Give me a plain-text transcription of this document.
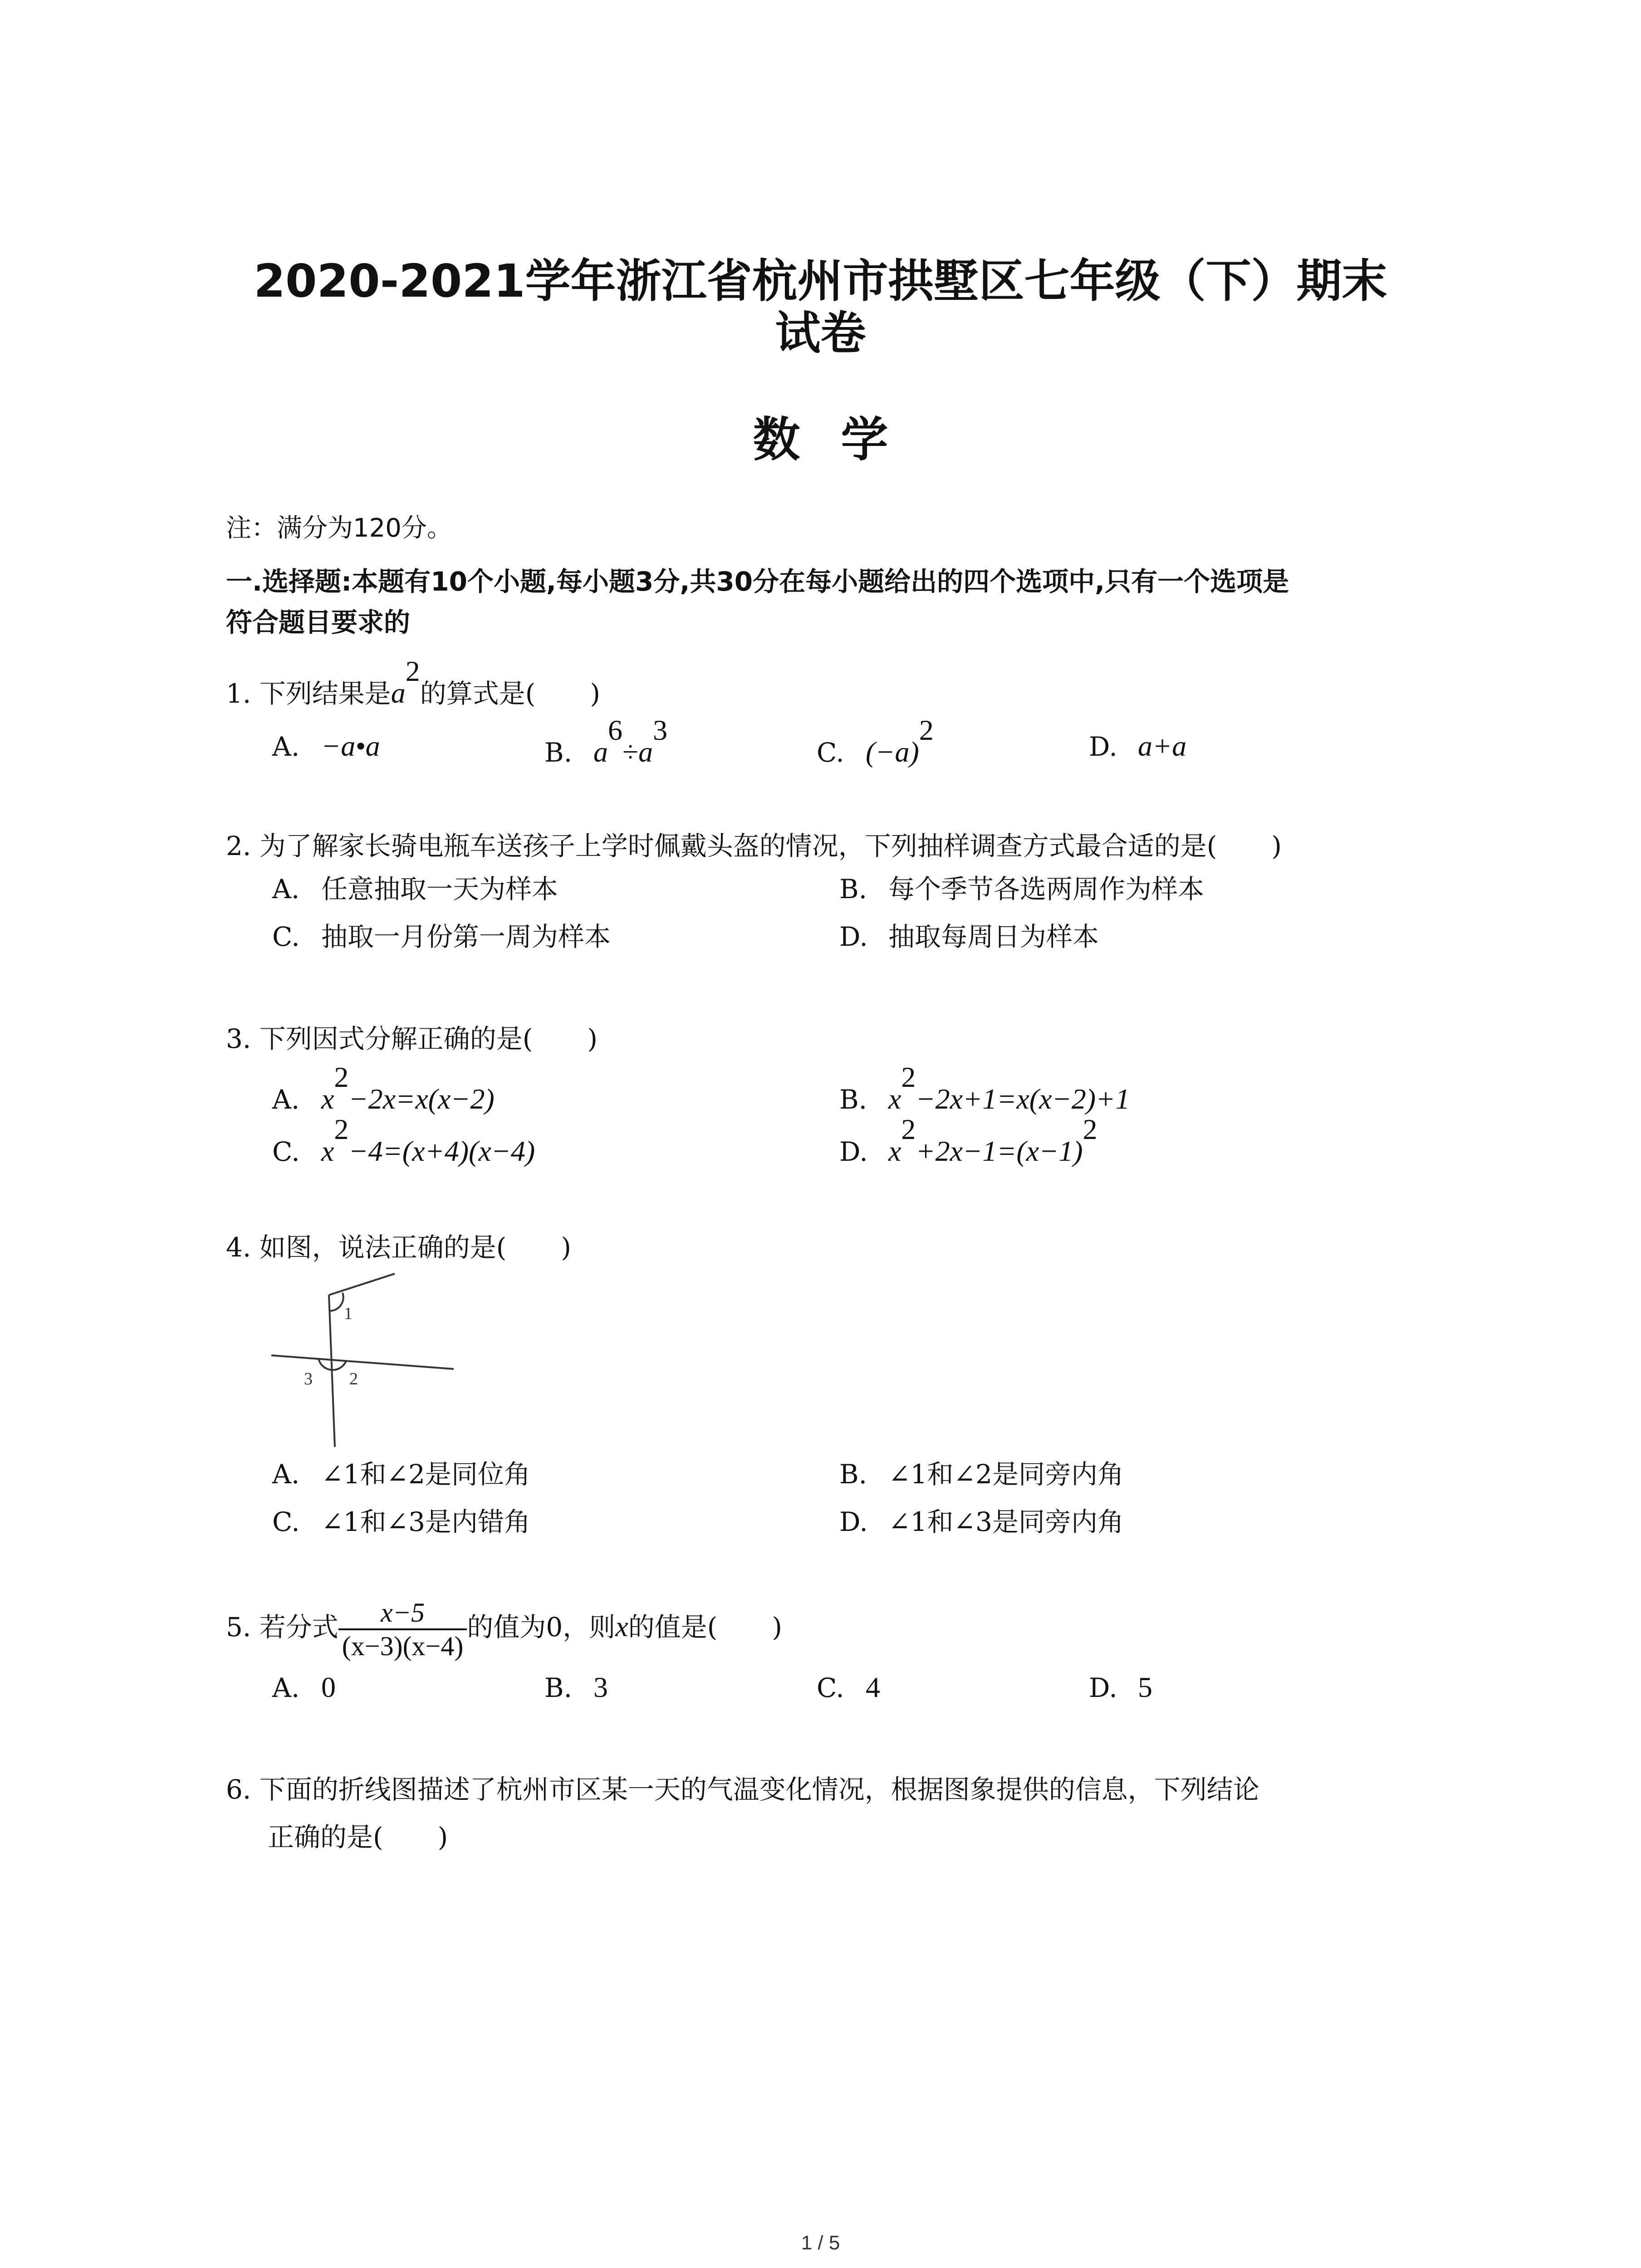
2020-2021学年浙江省杭州市拱墅区七年级（下）期末
试卷
数学
注：满分为120分。
一.选择题:本题有10个小题,每小题3分,共30分在每小题给出的四个选项中,只有一个选项是
符合题目要求的
1. 下列结果是$a^2$的算式是( )
A. −a•a	B. $a^6\div a^3$
C. $(-a)^2$
D. a+a
2. 为了解家长骑电瓶车送孩子上学时佩戴头盔的情况，下列抽样调查方式最合适的是( )
A. 任意抽取一天为样本	B. 每个季节各选两周作为样本
C. 抽取一月份第一周为样本	D. 抽取每周日为样本
3. 下列因式分解正确的是( )
A. $x^2-2x=x(x-2)$	B. $x^2-2x+1=x(x-2)+1$
C. $x^2-4=(x+4)(x-4)$	D. $x^2+2x-1=(x-1)^2$
4. 如图，说法正确的是( )
1
2
3
A. ∠1和∠2是同位角	B. ∠1和∠2是同旁内角
C. ∠1和∠3是内错角	D. ∠1和∠3是同旁内角
5. 若分式 $\frac{x-5}{(x-3)(x-4)}$ 的值为0，则x的值是( )
A. 0	B. 3	C. 4	D. 5
6. 下面的折线图描述了杭州市区某一天的气温变化情况，根据图象提供的信息，下列结论
正确的是( )
1 / 5
